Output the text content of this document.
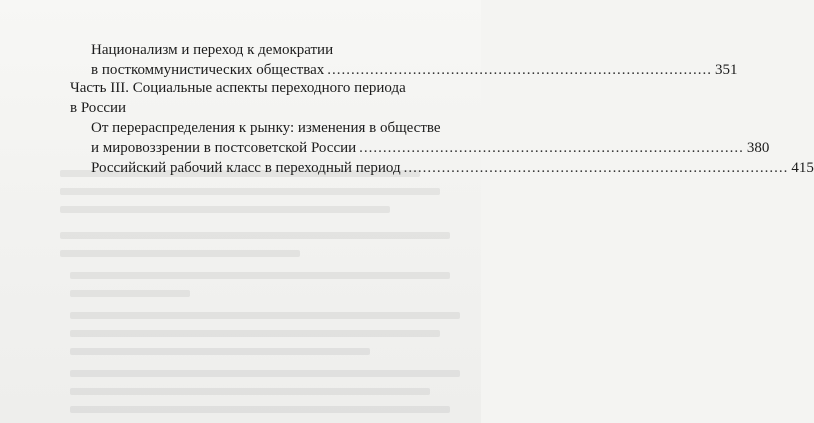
Национализм и переход к демократии
в посткоммунистических обществах ................................................................................. 351
Часть III. Социальные аспекты переходного периода
в России
От перераспределения к рынку: изменения в обществе
и мировоззрении в постсоветской России ................................................................................. 380
Российский рабочий класс в переходный период ................................................................................. 415
